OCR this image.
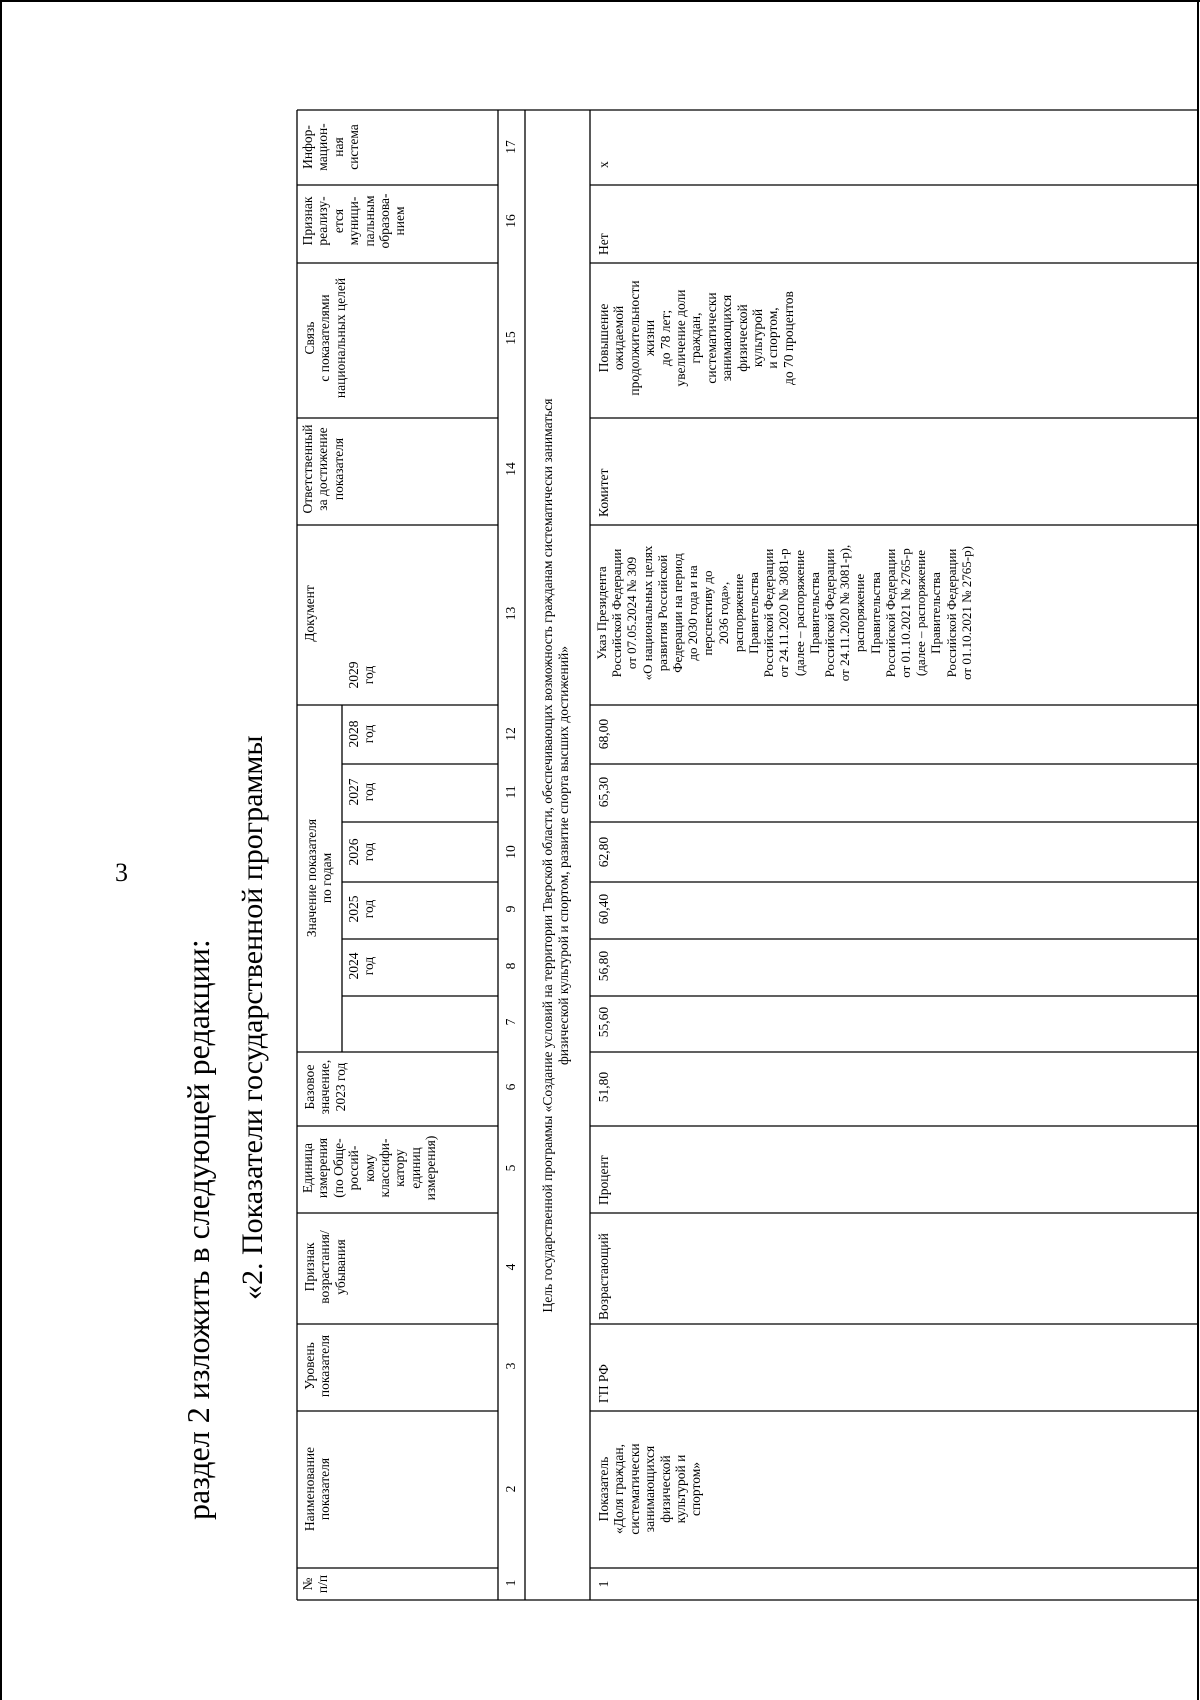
3
раздел 2 изложить в следующей редакции: «2. Показатели государственной программы
№ п/п
Наименование показателя
Уровень показателя
Признак возрастания/ убывания
Единица измерения (по Обще- россий- кому классифи- катору единиц измерения)
Базовое значение, 2023 год
Значение показателя по годам
2024 год
2025 год
2026 год
2027 год
2028 год
2029 год
Документ
Ответственный за достижение показателя
Связь с показателями национальных целей
Признак реализу- ется муници- пальным образова- нием
Инфор- мацион- ная система
1
2
3
4
5
6
7
8
9
10
11
12
13
14
15
16
17
Цель государственной программы «Создание условий на территории Тверской области, обеспечивающих возможность гражданам систематически заниматься физической культурой и спортом, развитие спорта высших достижений»
1
Показатель «Доля граждан, систематически занимающихся физической культурой и спортом»
ГП РФ
Возрастающий
Процент
51,80
55,60
56,80
60,40
62,80
65,30
68,00
Указ Президента Российской Федерации от 07.05.2024 № 309 «О национальных целях развития Российской Федерации на период до 2030 года и на перспективу до 2036 года», распоряжение Правительства Российской Федерации от 24.11.2020 № 3081-р (далее – распоряжение Правительства Российской Федерации от 24.11.2020 № 3081-р), распоряжение Правительства Российской Федерации от 01.10.2021 № 2765-р (далее – распоряжение Правительства Российской Федерации от 01.10.2021 № 2765-р)
Комитет
Повышение ожидаемой продолжительности жизни до 78 лет; увеличение доли граждан, систематически занимающихся физической культурой и спортом, до 70 процентов
Нет
x
